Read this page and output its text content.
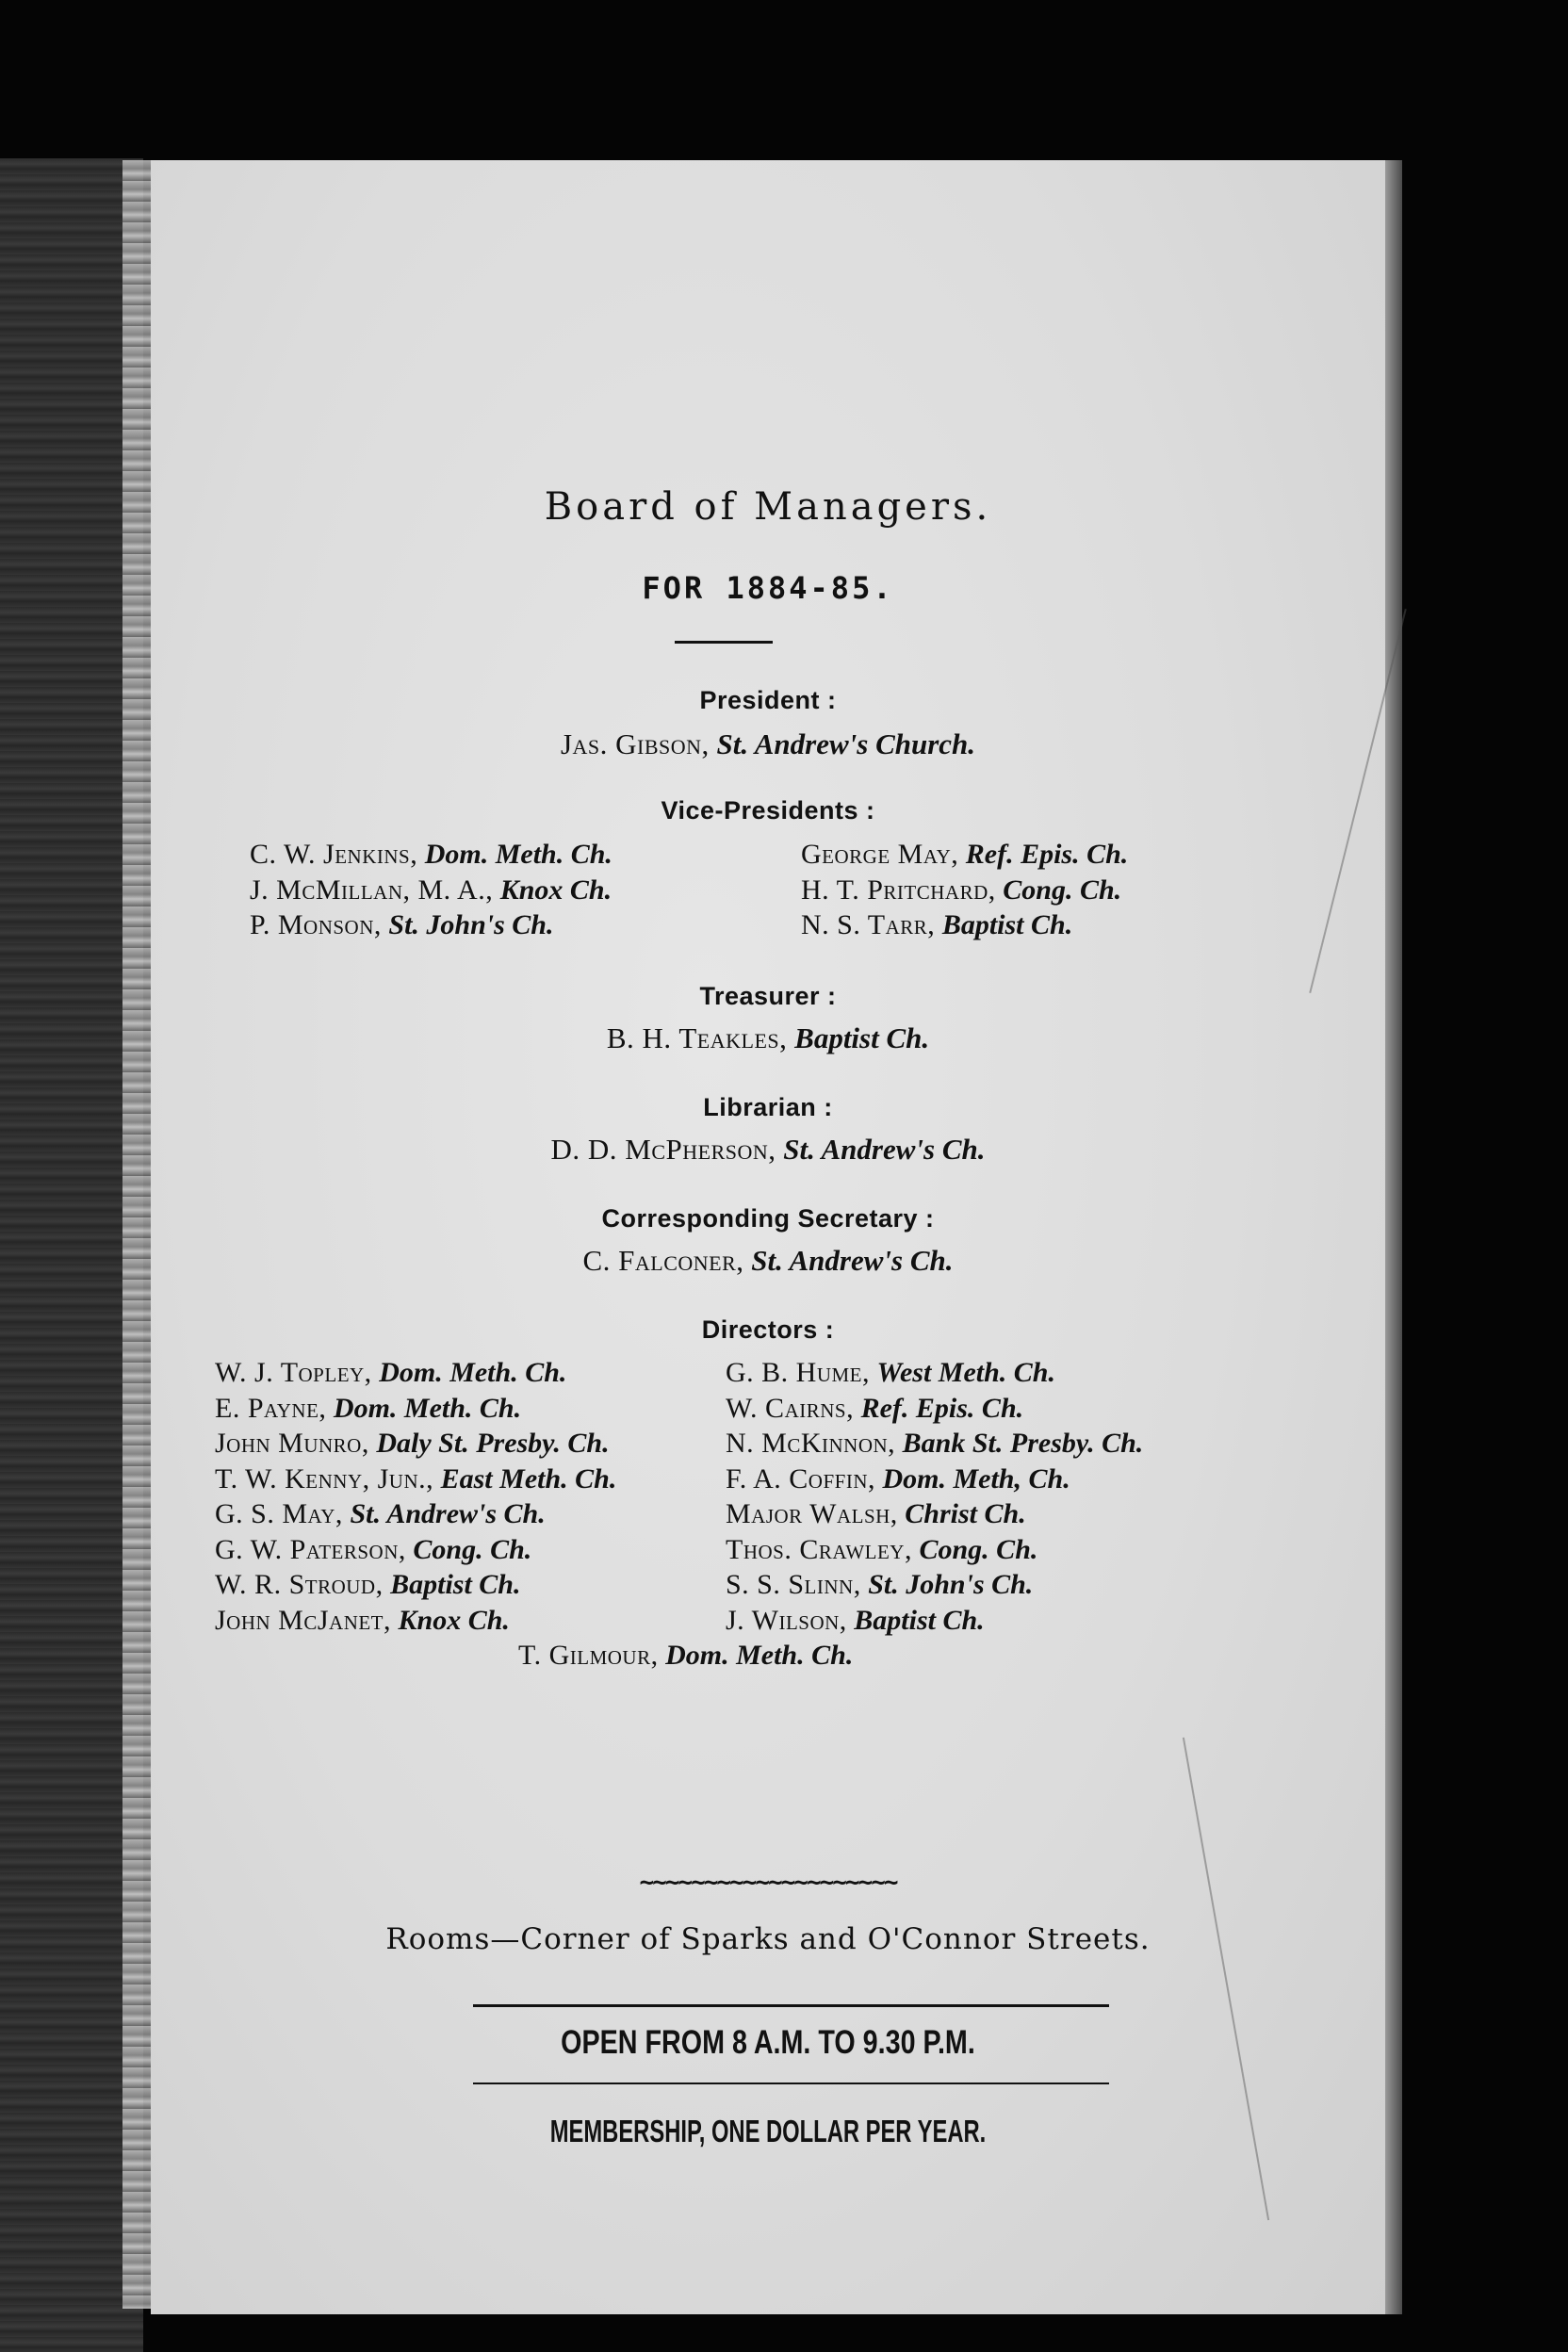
Board of Managers.
FOR 1884-85.
President :
Jas. Gibson, St. Andrew's Church.
Vice-Presidents :
C. W. Jenkins, Dom. Meth. Ch.
J. McMillan, M. A., Knox Ch.
P. Monson, St. John's Ch.
George May, Ref. Epis. Ch.
H. T. Pritchard, Cong. Ch.
N. S. Tarr, Baptist Ch.
Treasurer :
B. H. Teakles, Baptist Ch.
Librarian :
D. D. McPherson, St. Andrew's Ch.
Corresponding Secretary :
C. Falconer, St. Andrew's Ch.
Directors :
W. J. Topley, Dom. Meth. Ch.
E. Payne, Dom. Meth. Ch.
John Munro, Daly St. Presby. Ch.
T. W. Kenny, Jun., East Meth. Ch.
G. S. May, St. Andrew's Ch.
G. W. Paterson, Cong. Ch.
W. R. Stroud, Baptist Ch.
John McJanet, Knox Ch.
G. B. Hume, West Meth. Ch.
W. Cairns, Ref. Epis. Ch.
N. McKinnon, Bank St. Presby. Ch.
F. A. Coffin, Dom. Meth, Ch.
Major Walsh, Christ Ch.
Thos. Crawley, Cong. Ch.
S. S. Slinn, St. John's Ch.
J. Wilson, Baptist Ch.
T. Gilmour, Dom. Meth. Ch.
~~~~~~~~~~~~~~~~~~~~
Rooms—Corner of Sparks and O'Connor Streets.
OPEN FROM 8 A.M. TO 9.30 P.M.
MEMBERSHIP, ONE DOLLAR PER YEAR.
